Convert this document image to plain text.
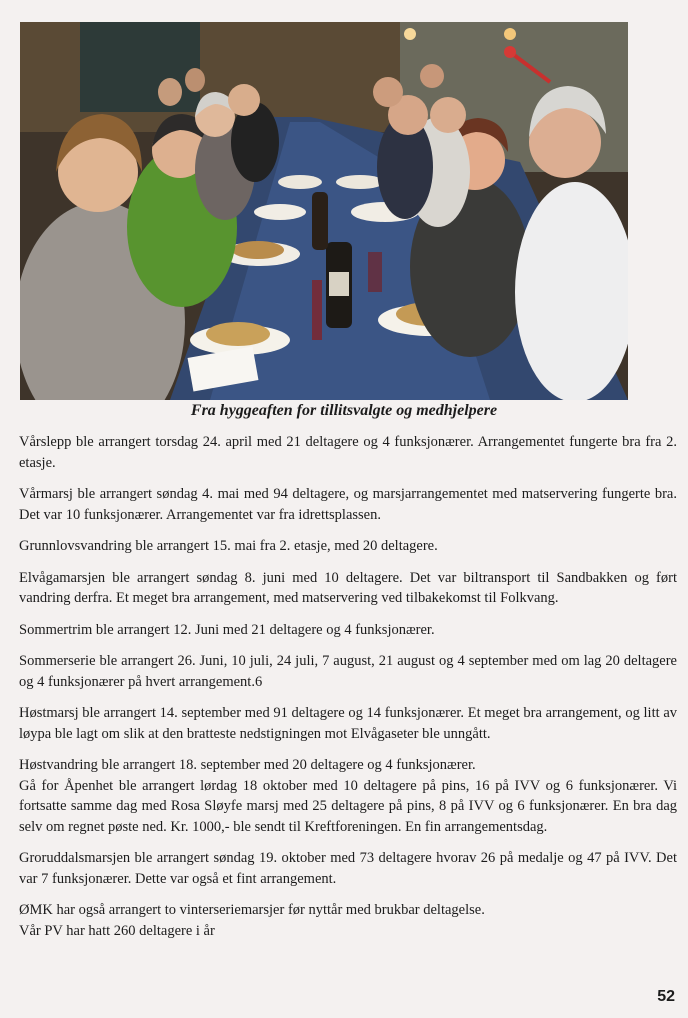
Fra hyggeaften for tillitsvalgte og medhjelpere

Vårslepp ble arrangert torsdag 24. april med 21 deltagere og 4 funksjonærer. Arrangementet fungerte bra fra 2. etasje.

Vårmarsj ble arrangert søndag 4. mai med 94 deltagere, og marsjarrangementet med matservering fungerte bra. Det var 10 funksjonærer. Arrangementet var fra idrettsplassen.

Grunnlovsvandring ble arrangert 15. mai fra 2. etasje, med 20 deltagere.

Elvågamarsjen ble arrangert søndag 8. juni med 10 deltagere. Det var biltransport til Sandbakken og ført vandring derfra. Et meget bra arrangement, med matservering ved tilbakekomst til Folkvang.

Sommertrim ble arrangert 12. Juni med 21 deltagere og 4 funksjonærer.

Sommerserie ble arrangert 26. Juni, 10 juli, 24 juli, 7 august, 21 august og 4 september med om lag 20 deltagere og 4 funksjonærer på hvert arrangement.6

Høstmarsj ble arrangert 14. september med 91 deltagere og 14 funksjonærer. Et meget bra arrangement, og litt av løypa ble lagt om slik at den bratteste nedstigningen mot Elvågaseter ble unngått.

Høstvandring ble arrangert 18. september med 20 deltagere og 4 funksjonærer.

Gå for Åpenhet ble arrangert lørdag 18 oktober med 10 deltagere på pins, 16 på IVV og 6 funksjonærer. Vi fortsatte samme dag med Rosa Sløyfe marsj med 25 deltagere på pins, 8 på IVV og 6 funksjonærer. En bra dag selv om regnet pøste ned. Kr. 1000,- ble sendt til Kreftforeningen. En fin arrangementsdag.

Groruddalsmarsjen ble arrangert søndag 19. oktober med 73 deltagere hvorav 26 på medalje og 47 på IVV. Det var 7 funksjonærer. Dette var også et fint arrangement.

ØMK har også arrangert to vinterseriemarsjer før nyttår med brukbar deltagelse.

Vår PV har hatt 260 deltagere i år

52
